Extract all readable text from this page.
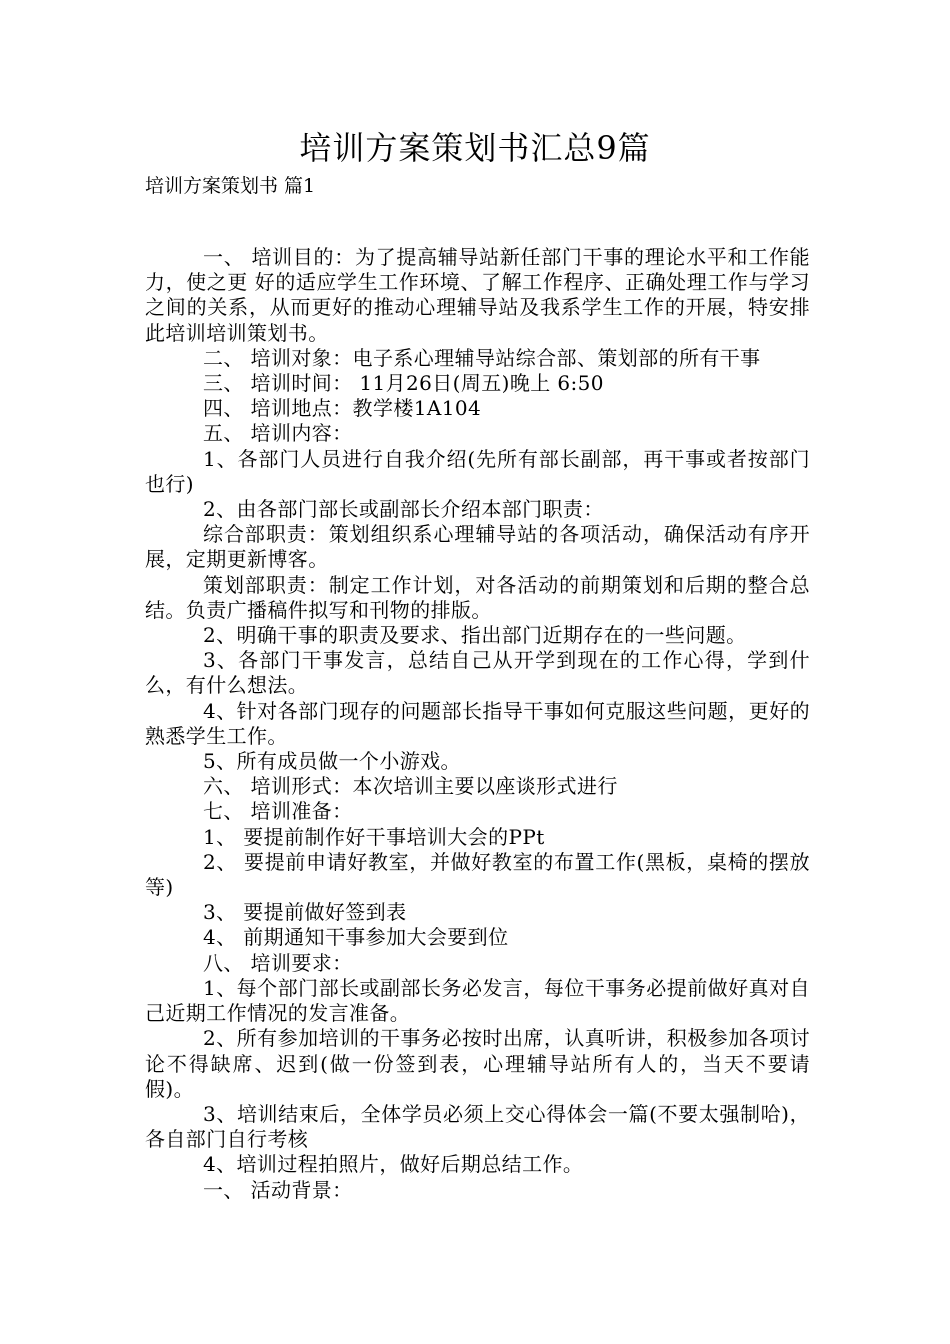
培训方案策划书汇总9篇
培训方案策划书 篇1

一、 培训目的：为了提高辅导站新任部门干事的理论水平和工作能力，使之更 好的适应学生工作环境、了解工作程序、正确处理工作与学习之间的关系，从而更好的推动心理辅导站及我系学生工作的开展，特安排此培训培训策划书。

二、 培训对象：电子系心理辅导站综合部、策划部的所有干事

三、 培训时间： 11月26日(周五)晚上 6:50

四、 培训地点：教学楼1A104

五、 培训内容：

1、各部门人员进行自我介绍(先所有部长副部，再干事或者按部门也行)

2、由各部门部长或副部长介绍本部门职责：

综合部职责：策划组织系心理辅导站的各项活动，确保活动有序开展，定期更新博客。

策划部职责：制定工作计划，对各活动的前期策划和后期的整合总结。负责广播稿件拟写和刊物的排版。

2、明确干事的职责及要求、指出部门近期存在的一些问题。

3、各部门干事发言，总结自己从开学到现在的工作心得，学到什么，有什么想法。

4、针对各部门现存的问题部长指导干事如何克服这些问题，更好的熟悉学生工作。

5、所有成员做一个小游戏。

六、 培训形式：本次培训主要以座谈形式进行

七、 培训准备：

1、 要提前制作好干事培训大会的PPt

2、 要提前申请好教室，并做好教室的布置工作(黑板，桌椅的摆放等)

3、 要提前做好签到表

4、 前期通知干事参加大会要到位

八、 培训要求：

1、每个部门部长或副部长务必发言，每位干事务必提前做好真对自己近期工作情况的发言准备。

2、所有参加培训的干事务必按时出席，认真听讲，积极参加各项讨论不得缺席、迟到(做一份签到表，心理辅导站所有人的，当天不要请假)。

3、培训结束后，全体学员必须上交心得体会一篇(不要太强制哈)，各自部门自行考核

4、培训过程拍照片，做好后期总结工作。

一、 活动背景：
